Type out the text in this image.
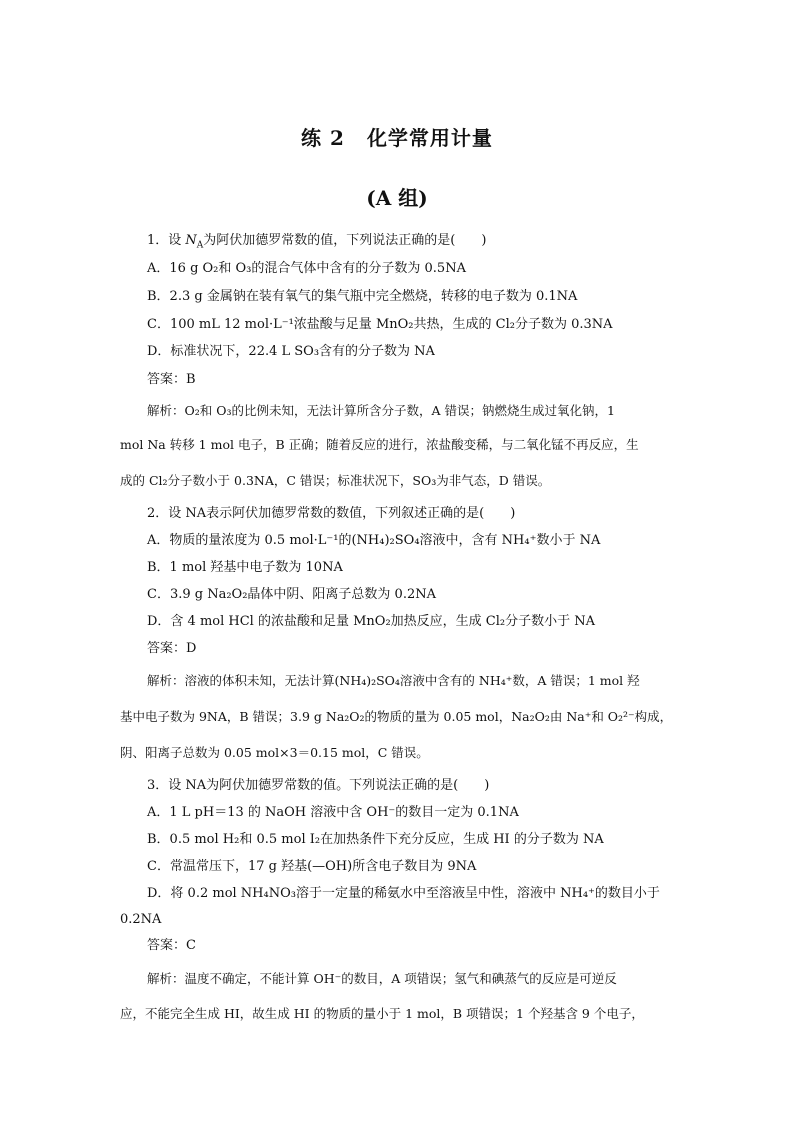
练 2 化学常用计量
(A 组)
1．设 $N_A$为阿伏加德罗常数的值，下列说法正确的是( )
A．16 g O₂和 O₃的混合气体中含有的分子数为 0.5NA
B．2.3 g 金属钠在装有氧气的集气瓶中完全燃烧，转移的电子数为 0.1NA
C．100 mL 12 mol·L⁻¹浓盐酸与足量 MnO₂共热，生成的 Cl₂分子数为 0.3NA
D．标准状况下，22.4 L SO₃含有的分子数为 NA
答案：B
解析：O₂和 O₃的比例未知，无法计算所含分子数，A 错误；钠燃烧生成过氧化钠，1
mol Na 转移 1 mol 电子，B 正确；随着反应的进行，浓盐酸变稀，与二氧化锰不再反应，生
成的 Cl₂分子数小于 0.3NA，C 错误；标准状况下，SO₃为非气态，D 错误。
2．设 NA表示阿伏加德罗常数的数值，下列叙述正确的是( )
A．物质的量浓度为 0.5 mol·L⁻¹的(NH₄)₂SO₄溶液中，含有 NH₄⁺数小于 NA
B．1 mol 羟基中电子数为 10NA
C．3.9 g Na₂O₂晶体中阴、阳离子总数为 0.2NA
D．含 4 mol HCl 的浓盐酸和足量 MnO₂加热反应，生成 Cl₂分子数小于 NA
答案：D
解析：溶液的体积未知，无法计算(NH₄)₂SO₄溶液中含有的 NH₄⁺数，A 错误；1 mol 羟
基中电子数为 9NA，B 错误；3.9 g Na₂O₂的物质的量为 0.05 mol，Na₂O₂由 Na⁺和 O₂²⁻构成，
阴、阳离子总数为 0.05 mol×3＝0.15 mol，C 错误。
3．设 NA为阿伏加德罗常数的值。下列说法正确的是( )
A．1 L pH＝13 的 NaOH 溶液中含 OH⁻的数目一定为 0.1NA
B．0.5 mol H₂和 0.5 mol I₂在加热条件下充分反应，生成 HI 的分子数为 NA
C．常温常压下，17 g 羟基(—OH)所含电子数目为 9NA
D．将 0.2 mol NH₄NO₃溶于一定量的稀氨水中至溶液呈中性，溶液中 NH₄⁺的数目小于
0.2NA
答案：C
解析：温度不确定，不能计算 OH⁻的数目，A 项错误；氢气和碘蒸气的反应是可逆反
应，不能完全生成 HI，故生成 HI 的物质的量小于 1 mol，B 项错误；1 个羟基含 9 个电子，
